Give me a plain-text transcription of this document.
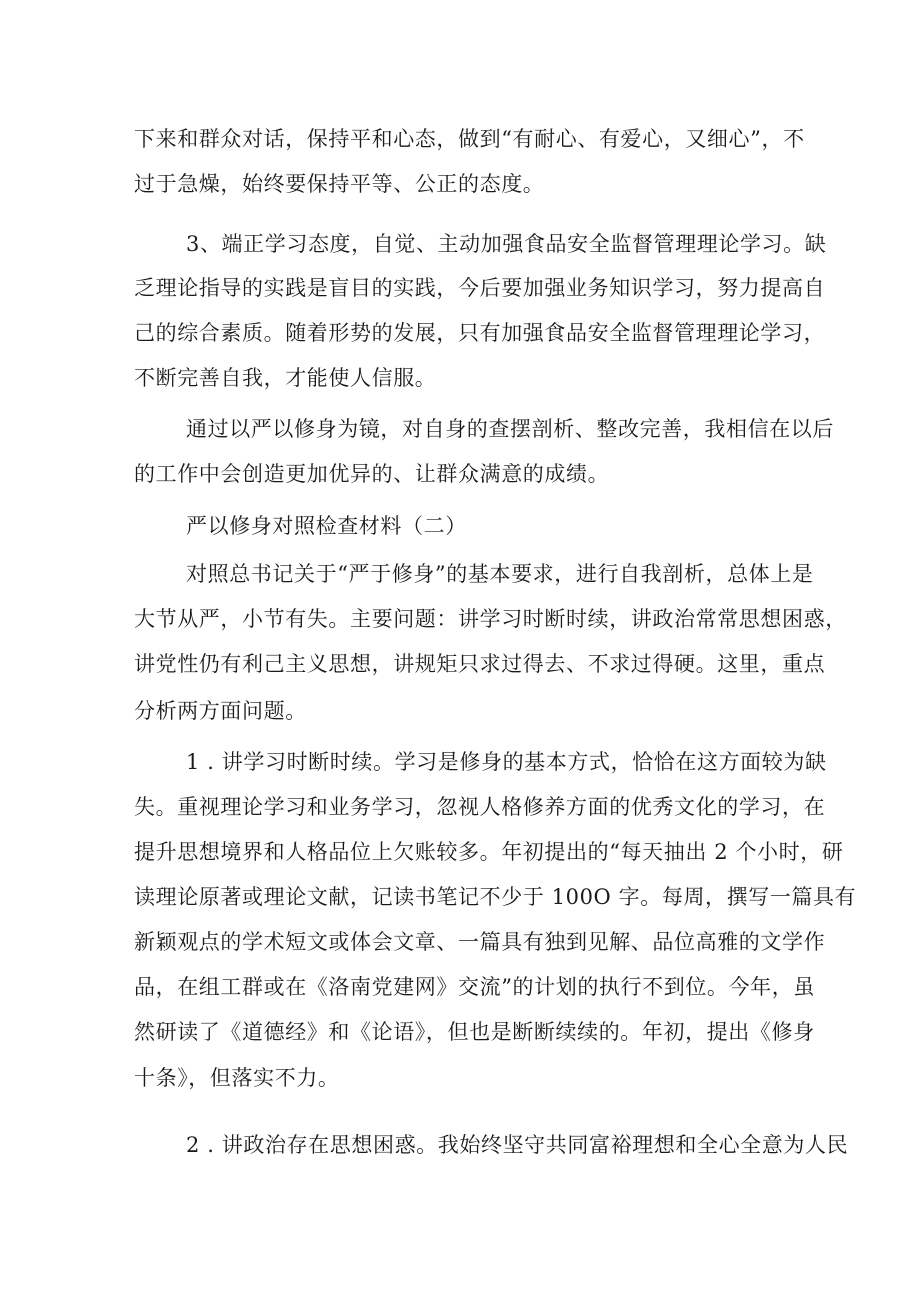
下来和群众对话，保持平和心态，做到“有耐心、有爱心，又细心”，不
过于急燥，始终要保持平等、公正的态度。
3、端正学习态度，自觉、主动加强食品安全监督管理理论学习。缺
乏理论指导的实践是盲目的实践，今后要加强业务知识学习，努力提高自
己的综合素质。随着形势的发展，只有加强食品安全监督管理理论学习，
不断完善自我，才能使人信服。
通过以严以修身为镜，对自身的查摆剖析、整改完善，我相信在以后
的工作中会创造更加优异的、让群众满意的成绩。
严以修身对照检查材料（二）
对照总书记关于“严于修身”的基本要求，进行自我剖析，总体上是
大节从严，小节有失。主要问题：讲学习时断时续，讲政治常常思想困惑，
讲党性仍有利己主义思想，讲规矩只求过得去、不求过得硬。这里，重点
分析两方面问题。
1 . 讲学习时断时续。学习是修身的基本方式，恰恰在这方面较为缺
失。重视理论学习和业务学习，忽视人格修养方面的优秀文化的学习，在
提升思想境界和人格品位上欠账较多。年初提出的“每天抽出 2 个小时，研
读理论原著或理论文献，记读书笔记不少于 100O 字。每周，撰写一篇具有
新颖观点的学术短文或体会文章、一篇具有独到见解、品位高雅的文学作
品，在组工群或在《洛南党建网》交流”的计划的执行不到位。今年，虽
然研读了《道德经》和《论语》，但也是断断续续的。年初，提出《修身
十条》，但落实不力。
2 . 讲政治存在思想困惑。我始终坚守共同富裕理想和全心全意为人民
